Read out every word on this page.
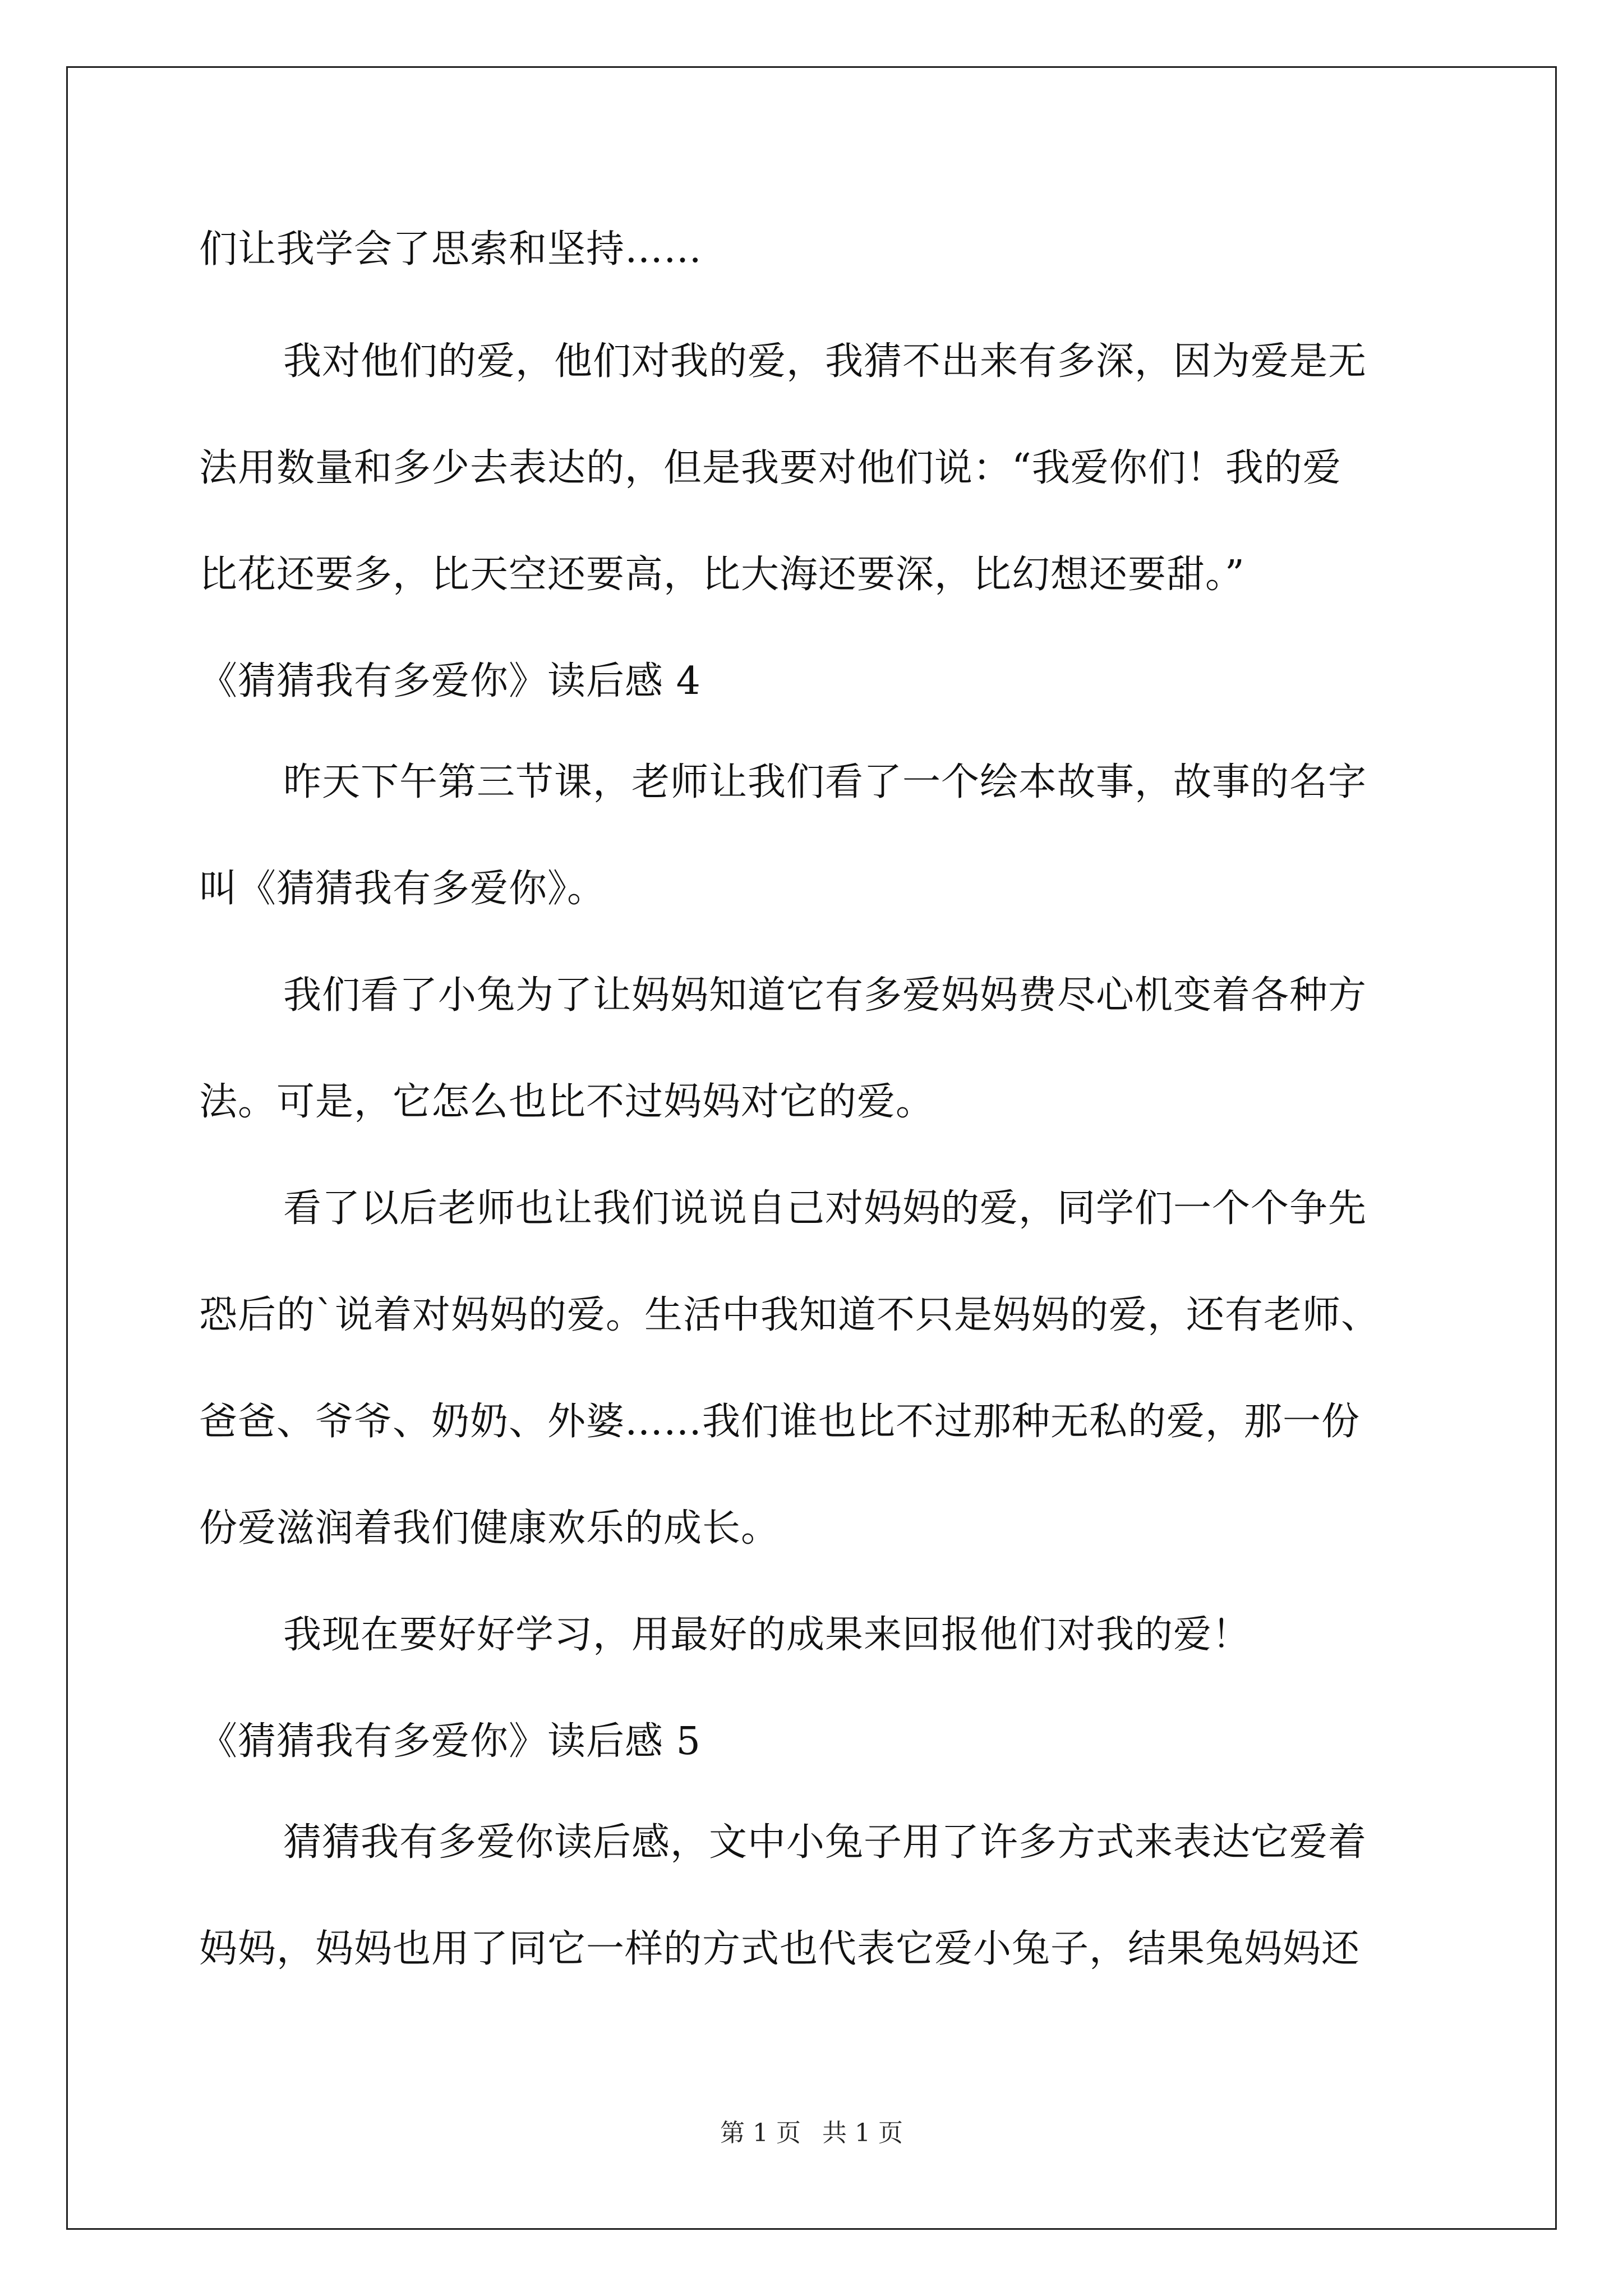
们让我学会了思索和坚持……
我对他们的爱，他们对我的爱，我猜不出来有多深，因为爱是无
法用数量和多少去表达的，但是我要对他们说：“我爱你们！我的爱
比花还要多，比天空还要高，比大海还要深，比幻想还要甜。”
《猜猜我有多爱你》读后感 4
昨天下午第三节课，老师让我们看了一个绘本故事，故事的名字
叫《猜猜我有多爱你》。
我们看了小兔为了让妈妈知道它有多爱妈妈费尽心机变着各种方
法。可是，它怎么也比不过妈妈对它的爱。
看了以后老师也让我们说说自己对妈妈的爱，同学们一个个争先
恐后的`说着对妈妈的爱。生活中我知道不只是妈妈的爱，还有老师、
爸爸、爷爷、奶奶、外婆……我们谁也比不过那种无私的爱，那一份
份爱滋润着我们健康欢乐的成长。
我现在要好好学习，用最好的成果来回报他们对我的爱！
《猜猜我有多爱你》读后感 5
猜猜我有多爱你读后感，文中小兔子用了许多方式来表达它爱着
妈妈，妈妈也用了同它一样的方式也代表它爱小兔子，结果兔妈妈还
第 1 页 共 1 页
